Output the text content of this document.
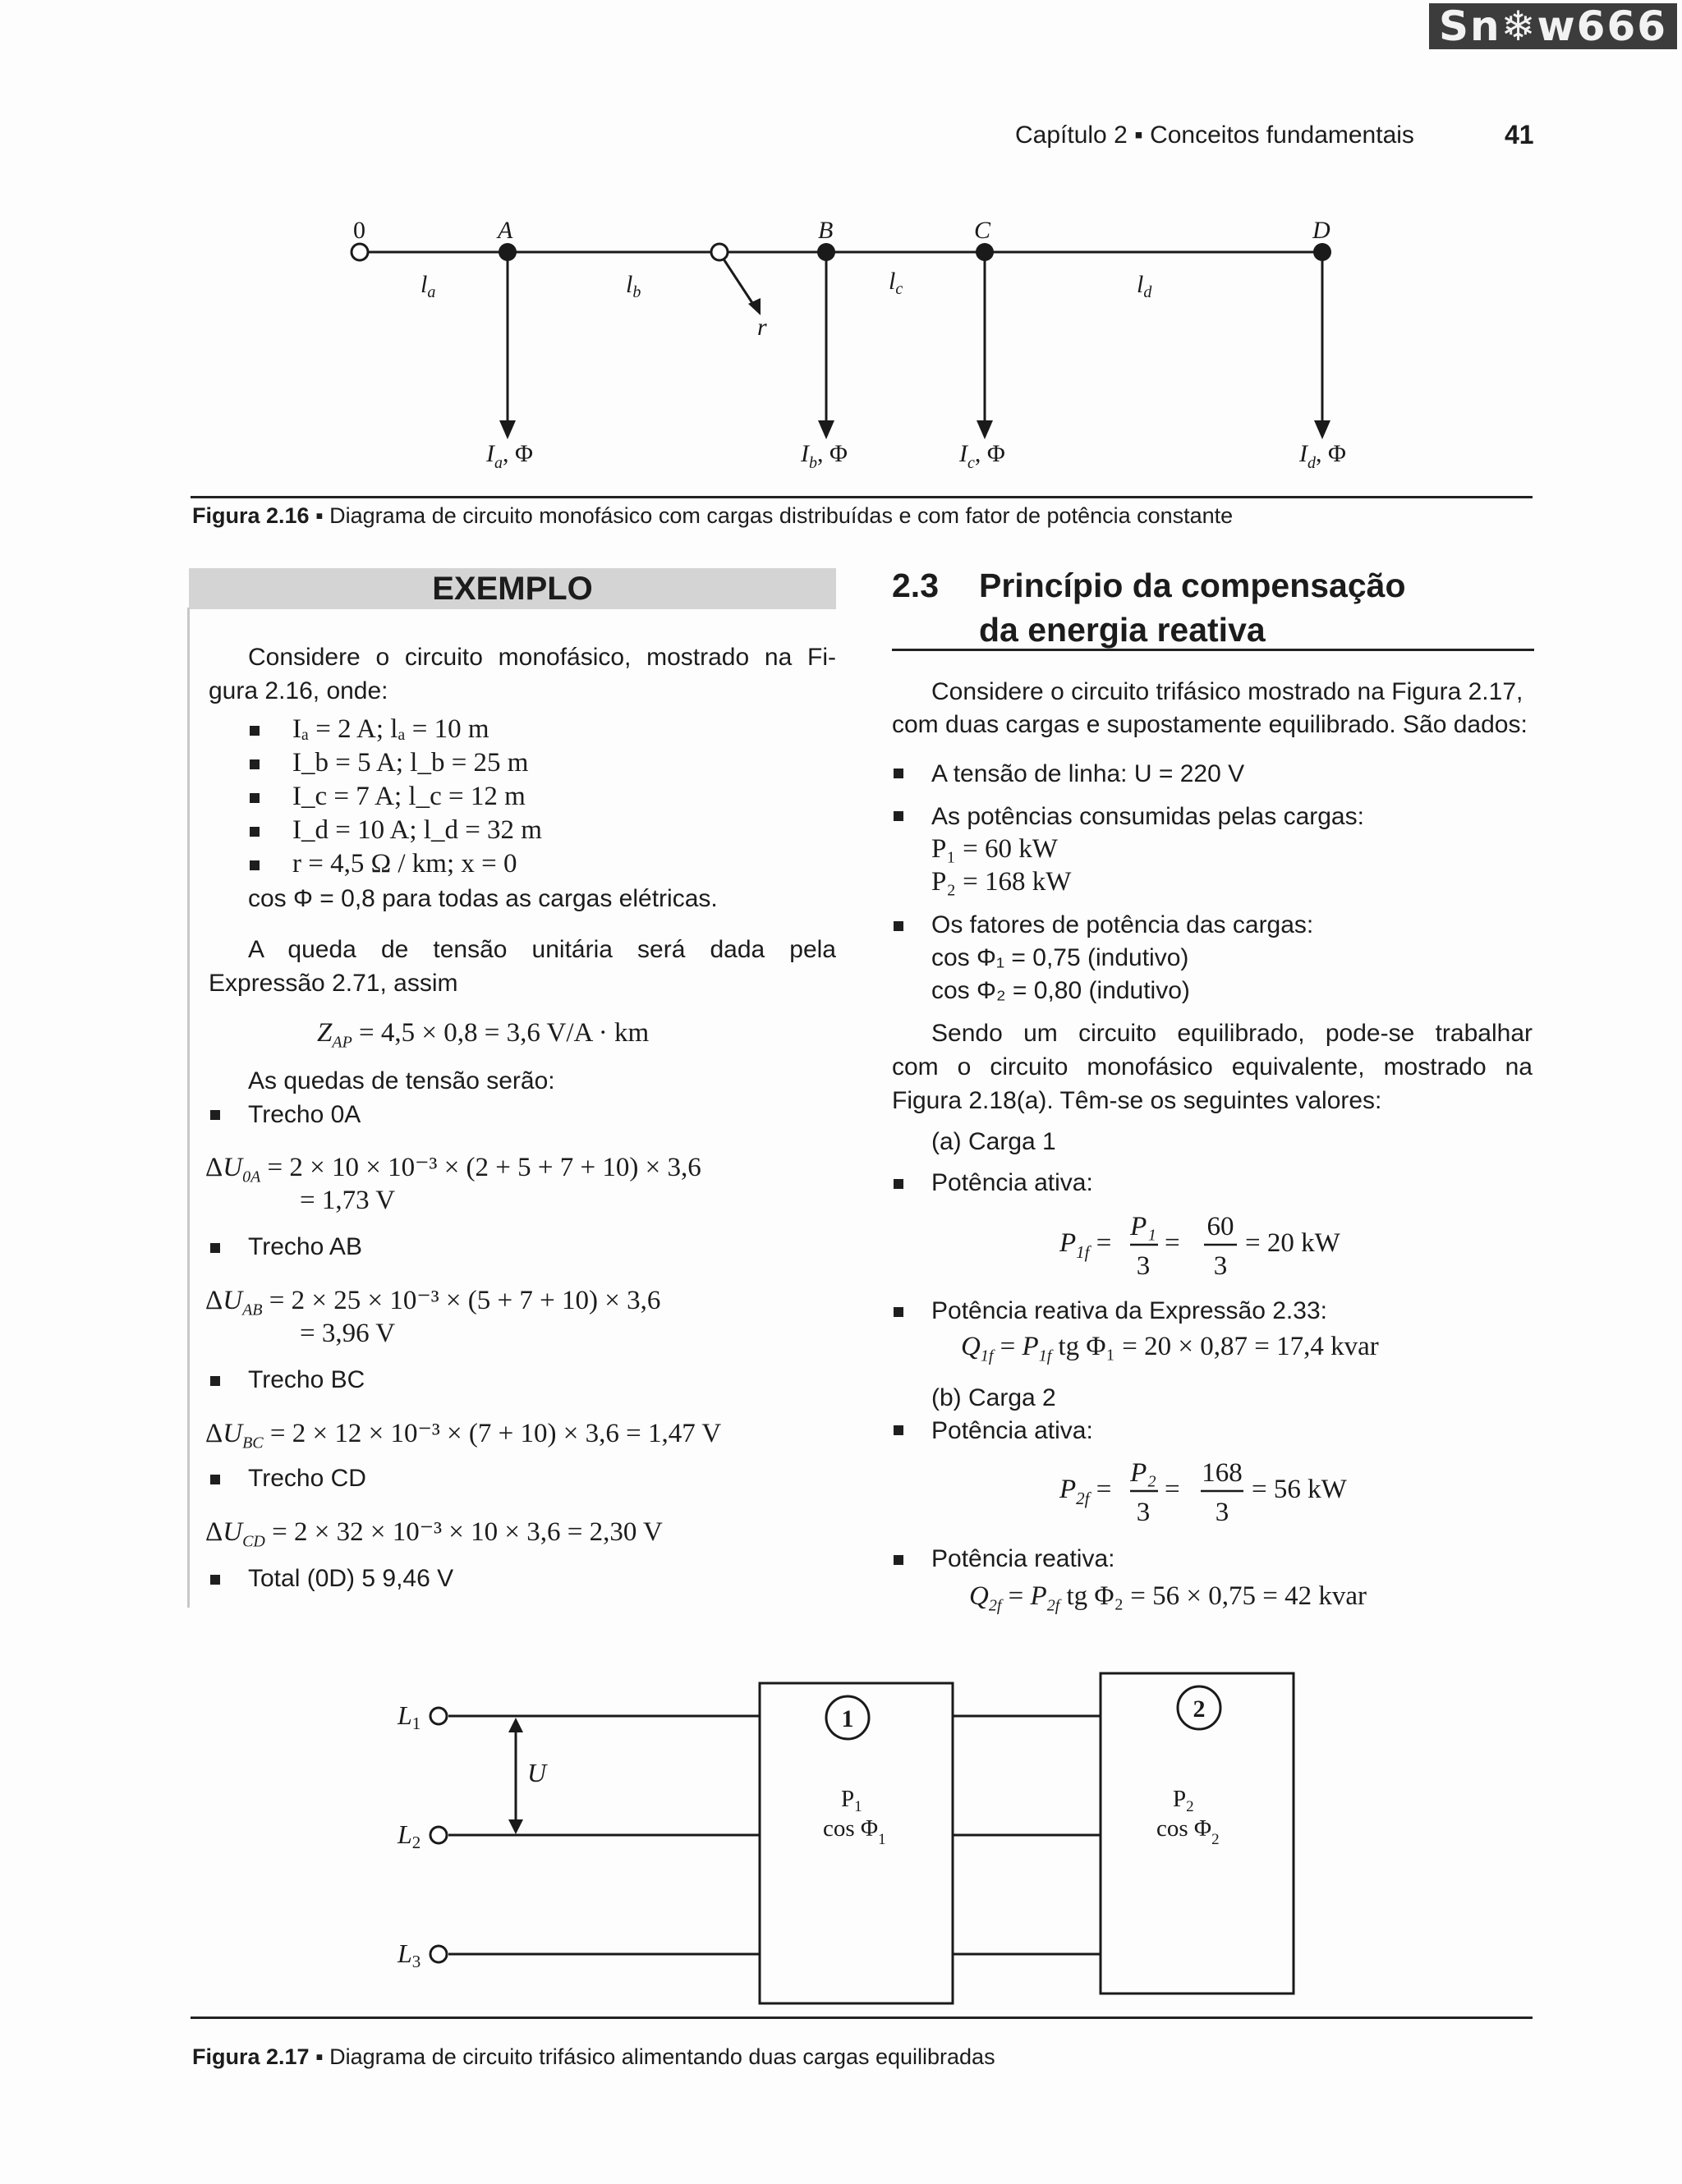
Sn❄w666
Capítulo 2 ▪ Conceitos fundamentais	41
0	A	B	C	D
$l_a$	$l_b$	$l_c$	$l_d$
r
$I_a$, Φ	$I_b$, Φ	$I_c$, Φ	$I_d$, Φ
Figura 2.16 ▪ Diagrama de circuito monofásico com cargas distribuídas e com fator de potência constante
EXEMPLO
Considere o circuito monofásico, mostrado na Fi-
gura 2.16, onde:
Iₐ = 2 A; lₐ = 10 m
I_b = 5 A; l_b = 25 m
I_c = 7 A; l_c = 12 m
I_d = 10 A; l_d = 32 m
r = 4,5 Ω / km; x = 0
cos Φ = 0,8 para todas as cargas elétricas.
A queda de tensão unitária será dada pela
Expressão 2.71, assim
$Z_{AP} = 4,5 \times 0,8 = 3,6$ V/A · km
As quedas de tensão serão:
Trecho 0A
$\Delta U_{0A} = 2 \times 10 \times 10^{-3} \times (2 + 5 + 7 + 10) \times 3,6$
= 1,73 V
Trecho AB
$\Delta U_{AB} = 2 \times 25 \times 10^{-3} \times (5 + 7 + 10) \times 3,6$
= 3,96 V
Trecho BC
$\Delta U_{BC} = 2 \times 12 \times 10^{-3} \times (7 + 10) \times 3,6 = 1,47$ V
Trecho CD
$\Delta U_{CD} = 2 \times 32 \times 10^{-3} \times 10 \times 3,6 = 2,30$ V
Total (0D) 5 9,46 V
2.3 Princípio da compensação
da energia reativa
Considere o circuito trifásico mostrado na Figura 2.17,
com duas cargas e supostamente equilibrado. São dados:
A tensão de linha: U = 220 V
As potências consumidas pelas cargas:
P₁ = 60 kW
P₂ = 168 kW
Os fatores de potência das cargas:
cos Φ₁ = 0,75 (indutivo)
cos Φ₂ = 0,80 (indutivo)
Sendo um circuito equilibrado, pode-se trabalhar
com o circuito monofásico equivalente, mostrado na
Figura 2.18(a). Têm-se os seguintes valores:
(a) Carga 1
Potência ativa:
$P_{1f}$ =
P₁
3
=
60
3
= 20 kW
Potência reativa da Expressão 2.33:
$Q_{1f} = P_{1f}$ tg Φ₁ = 20 × 0,87 = 17,4 kvar
(b) Carga 2
Potência ativa:
$P_{2f}$ =
P₂
3
=
168
3
= 56 kW
Potência reativa:
$Q_{2f} = P_{2f}$ tg Φ₂ = 56 × 0,75 = 42 kvar
L1
L2
L3
U
1	2
$P_1$
$\cos \Phi_1$
$P_2$
$\cos \Phi_2$
Figura 2.17 ▪ Diagrama de circuito trifásico alimentando duas cargas equilibradas
